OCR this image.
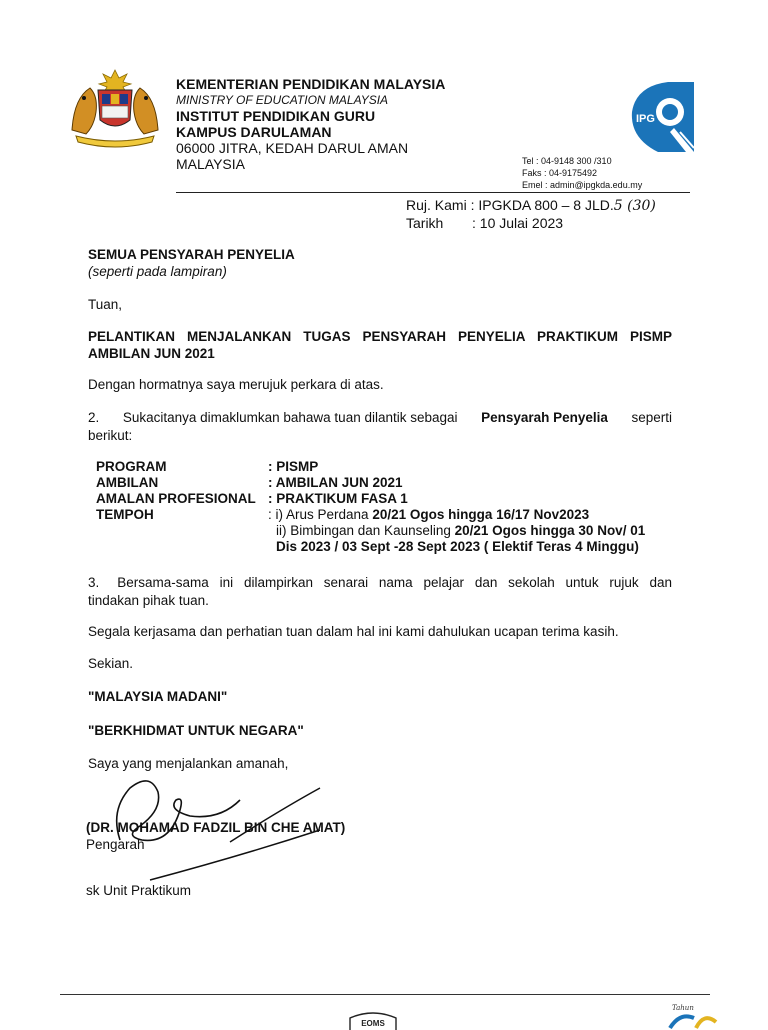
KEMENTERIAN PENDIDIKAN MALAYSIA
MINISTRY OF EDUCATION MALAYSIA
INSTITUT PENDIDIKAN GURU
KAMPUS DARULAMAN
06000 JITRA, KEDAH DARUL AMAN
MALAYSIA
IPG
Tel : 04-9148 300 /310
Faks : 04-9175492
Emel : admin@ipgkda.edu.my
Ruj. Kami : IPGKDA 800 – 8 JLD.5 (30)
Tarikh : 10 Julai 2023
SEMUA PENSYARAH PENYELIA
(seperti pada lampiran)
Tuan,
PELANTIKAN MENJALANKAN TUGAS PENSYARAH PENYELIA PRAKTIKUM PISMP
AMBILAN JUN 2021
Dengan hormatnya saya merujuk perkara di atas.
2. Sukacitanya dimaklumkan bahawa tuan dilantik sebagai Pensyarah Penyelia seperti
berikut:
PROGRAM	: PISMP
AMBILAN	: AMBILAN JUN 2021
AMALAN PROFESIONAL	: PRAKTIKUM FASA 1
TEMPOH	: i) Arus Perdana 20/21 Ogos hingga 16/17 Nov2023
ii) Bimbingan dan Kaunseling 20/21 Ogos hingga 30 Nov/ 01
Dis 2023 / 03 Sept -28 Sept 2023 ( Elektif Teras 4 Minggu)
3. Bersama-sama ini dilampirkan senarai nama pelajar dan sekolah untuk rujuk dan
tindakan pihak tuan.
Segala kerjasama dan perhatian tuan dalam hal ini kami dahulukan ucapan terima kasih.
Sekian.
"MALAYSIA MADANI"
"BERKHIDMAT UNTUK NEGARA"
Saya yang menjalankan amanah,
(DR. MOHAMAD FADZIL BIN CHE AMAT)
Pengarah
sk Unit Praktikum
EOMS
Tahun
